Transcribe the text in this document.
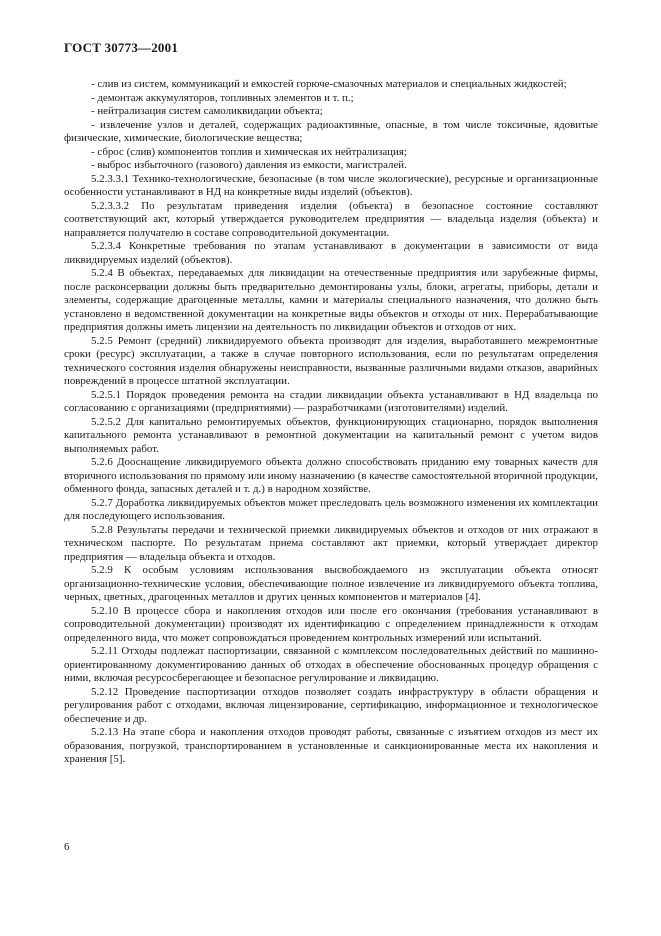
ГОСТ 30773—2001

- слив из систем, коммуникаций и емкостей горюче-смазочных материалов и специальных жидкостей;

- демонтаж аккумуляторов, топливных элементов и т. п.;

- нейтрализация систем самоликвидации объекта;

- извлечение узлов и деталей, содержащих радиоактивные, опасные, в том числе токсичные, ядовитые физические, химические, биологические вещества;

- сброс (слив) компонентов топлив и химическая их нейтрализация;

- выброс избыточного (газового) давления из емкости, магистралей.

5.2.3.3.1 Технико-технологические, безопасные (в том числе экологические), ресурсные и организационные особенности устанавливают в НД на конкретные виды изделий (объектов).

5.2.3.3.2 По результатам приведения изделия (объекта) в безопасное состояние составляют соответствующий акт, который утверждается руководителем предприятия — владельца изделия (объекта) и направляется получателю в составе сопроводительной документации.

5.2.3.4 Конкретные требования по этапам устанавливают в документации в зависимости от вида ликвидируемых изделий (объектов).

5.2.4 В объектах, передаваемых для ликвидации на отечественные предприятия или зарубежные фирмы, после расконсервации должны быть предварительно демонтированы узлы, блоки, агрегаты, приборы, детали и элементы, содержащие драгоценные металлы, камни и материалы специального назначения, что должно быть установлено в ведомственной документации на конкретные виды объектов и отходы от них. Перерабатывающие предприятия должны иметь лицензии на деятельность по ликвидации объектов и отходов от них.

5.2.5 Ремонт (средний) ликвидируемого объекта производят для изделия, выработавшего межремонтные сроки (ресурс) эксплуатации, а также в случае повторного использования, если по результатам определения технического состояния изделия обнаружены неисправности, вызванные различными видами отказов, аварийных повреждений в процессе штатной эксплуатации.

5.2.5.1 Порядок проведения ремонта на стадии ликвидации объекта устанавливают в НД владельца по согласованию с организациями (предприятиями) — разработчиками (изготовителями) изделий.

5.2.5.2 Для капитально ремонтируемых объектов, функционирующих стационарно, порядок выполнения капитального ремонта устанавливают в ремонтной документации на капитальный ремонт с учетом видов выполняемых работ.

5.2.6 Дооснащение ликвидируемого объекта должно способствовать приданию ему товарных качеств для вторичного использования по прямому или иному назначению (в качестве самостоятельной вторичной продукции, обменного фонда, запасных деталей и т. д.) в народном хозяйстве.

5.2.7 Доработка ликвидируемых объектов может преследовать цель возможного изменения их комплектации для последующего использования.

5.2.8 Результаты передачи и технической приемки ликвидируемых объектов и отходов от них отражают в техническом паспорте. По результатам приема составляют акт приемки, который утверждает директор предприятия — владельца объекта и отходов.

5.2.9 К особым условиям использования высвобождаемого из эксплуатации объекта относят организационно-технические условия, обеспечивающие полное извлечение из ликвидируемого объекта топлива, черных, цветных, драгоценных металлов и других ценных компонентов и материалов [4].

5.2.10 В процессе сбора и накопления отходов или после его окончания (требования устанавливают в сопроводительной документации) производят их идентификацию с определением принадлежности к отходам определенного вида, что может сопровождаться проведением контрольных измерений или испытаний.

5.2.11 Отходы подлежат паспортизации, связанной с комплексом последовательных действий по машинно-ориентированному документированию данных об отходах в обеспечение обоснованных процедур обращения с ними, включая ресурсосберегающее и безопасное регулирование и ликвидацию.

5.2.12 Проведение паспортизации отходов позволяет создать инфраструктуру в области обращения и регулирования работ с отходами, включая лицензирование, сертификацию, информационное и технологическое обеспечение и др.

5.2.13 На этапе сбора и накопления отходов проводят работы, связанные с изъятием отходов из мест их образования, погрузкой, транспортированием в установленные и санкционированные места их накопления и хранения [5].

6
